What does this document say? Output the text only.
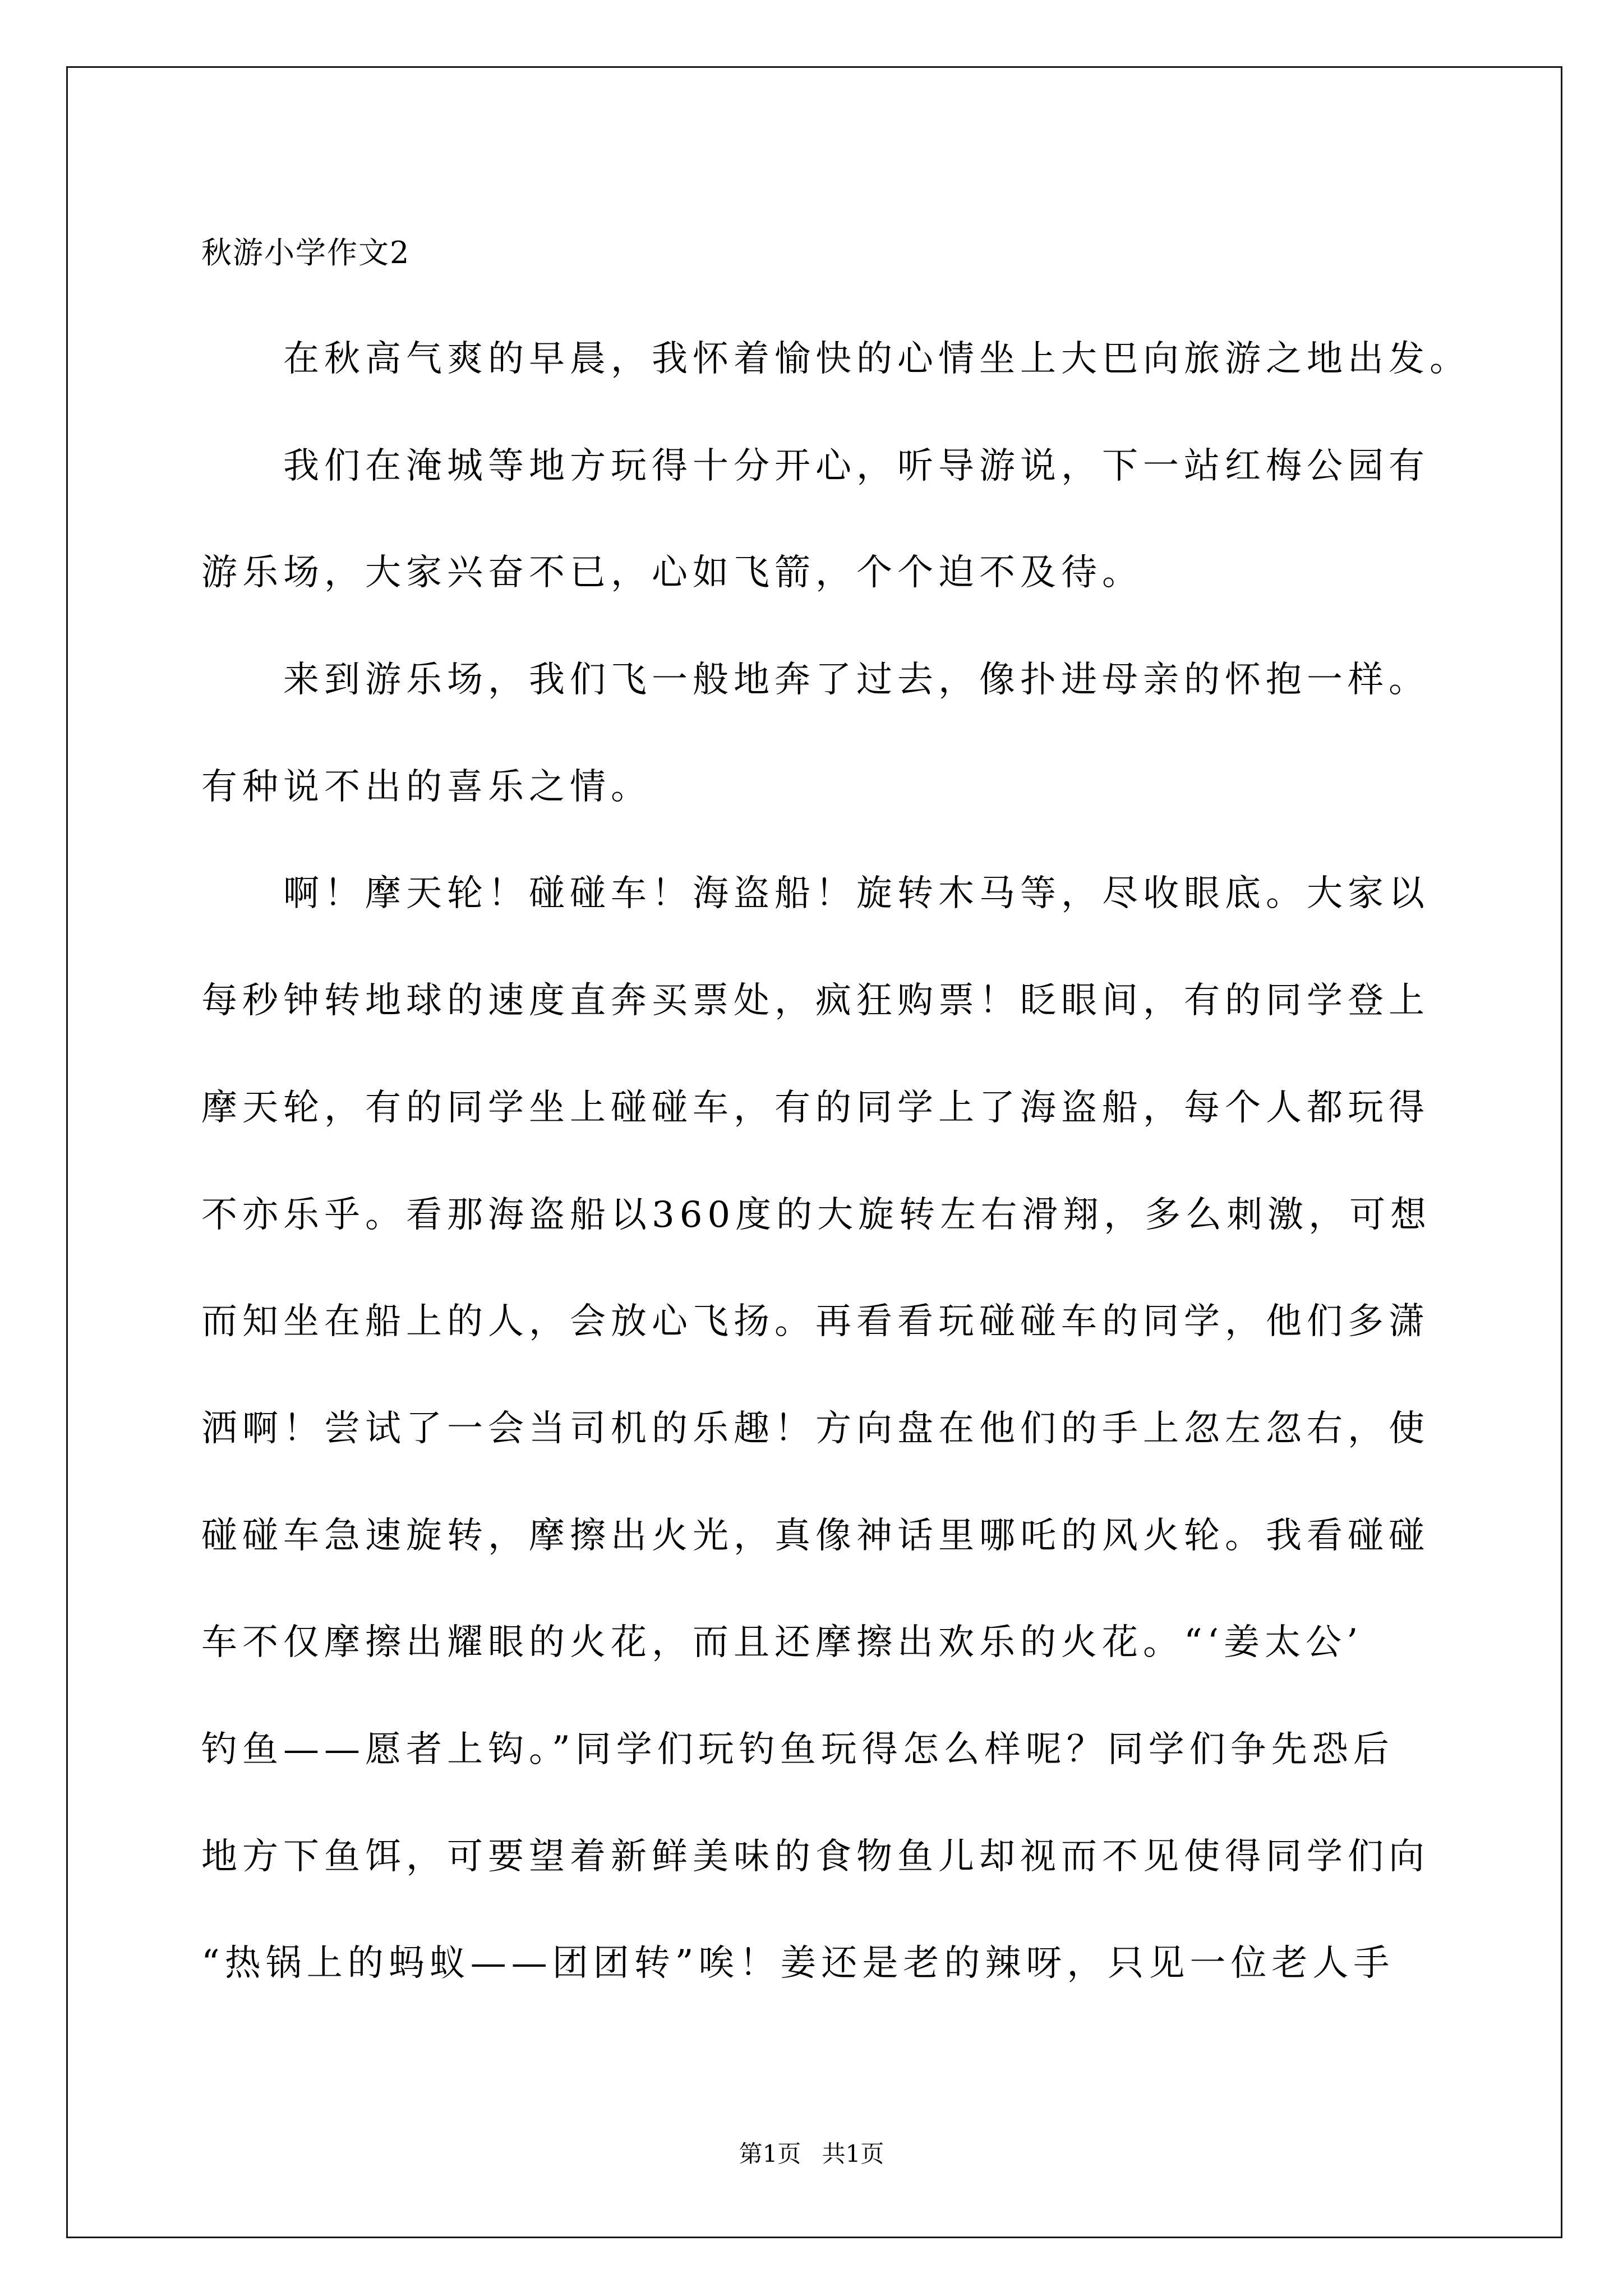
秋游小学作文2
在秋高气爽的早晨，我怀着愉快的心情坐上大巴向旅游之地出发。
我们在淹城等地方玩得十分开心，听导游说，下一站红梅公园有
游乐场，大家兴奋不已，心如飞箭，个个迫不及待。
来到游乐场，我们飞一般地奔了过去，像扑进母亲的怀抱一样。
有种说不出的喜乐之情。
啊！摩天轮！碰碰车！海盗船！旋转木马等，尽收眼底。大家以
每秒钟转地球的速度直奔买票处，疯狂购票！眨眼间，有的同学登上
摩天轮，有的同学坐上碰碰车，有的同学上了海盗船，每个人都玩得
不亦乐乎。看那海盗船以360度的大旋转左右滑翔，多么刺激，可想
而知坐在船上的人，会放心飞扬。再看看玩碰碰车的同学，他们多潇
洒啊！尝试了一会当司机的乐趣！方向盘在他们的手上忽左忽右，使
碰碰车急速旋转，摩擦出火光，真像神话里哪吒的风火轮。我看碰碰
车不仅摩擦出耀眼的火花，而且还摩擦出欢乐的火花。“‘姜太公’
钓鱼——愿者上钩。”同学们玩钓鱼玩得怎么样呢？同学们争先恐后
地方下鱼饵，可要望着新鲜美味的食物鱼儿却视而不见使得同学们向
“热锅上的蚂蚁——团团转”唉！姜还是老的辣呀，只见一位老人手
第1页 共1页
